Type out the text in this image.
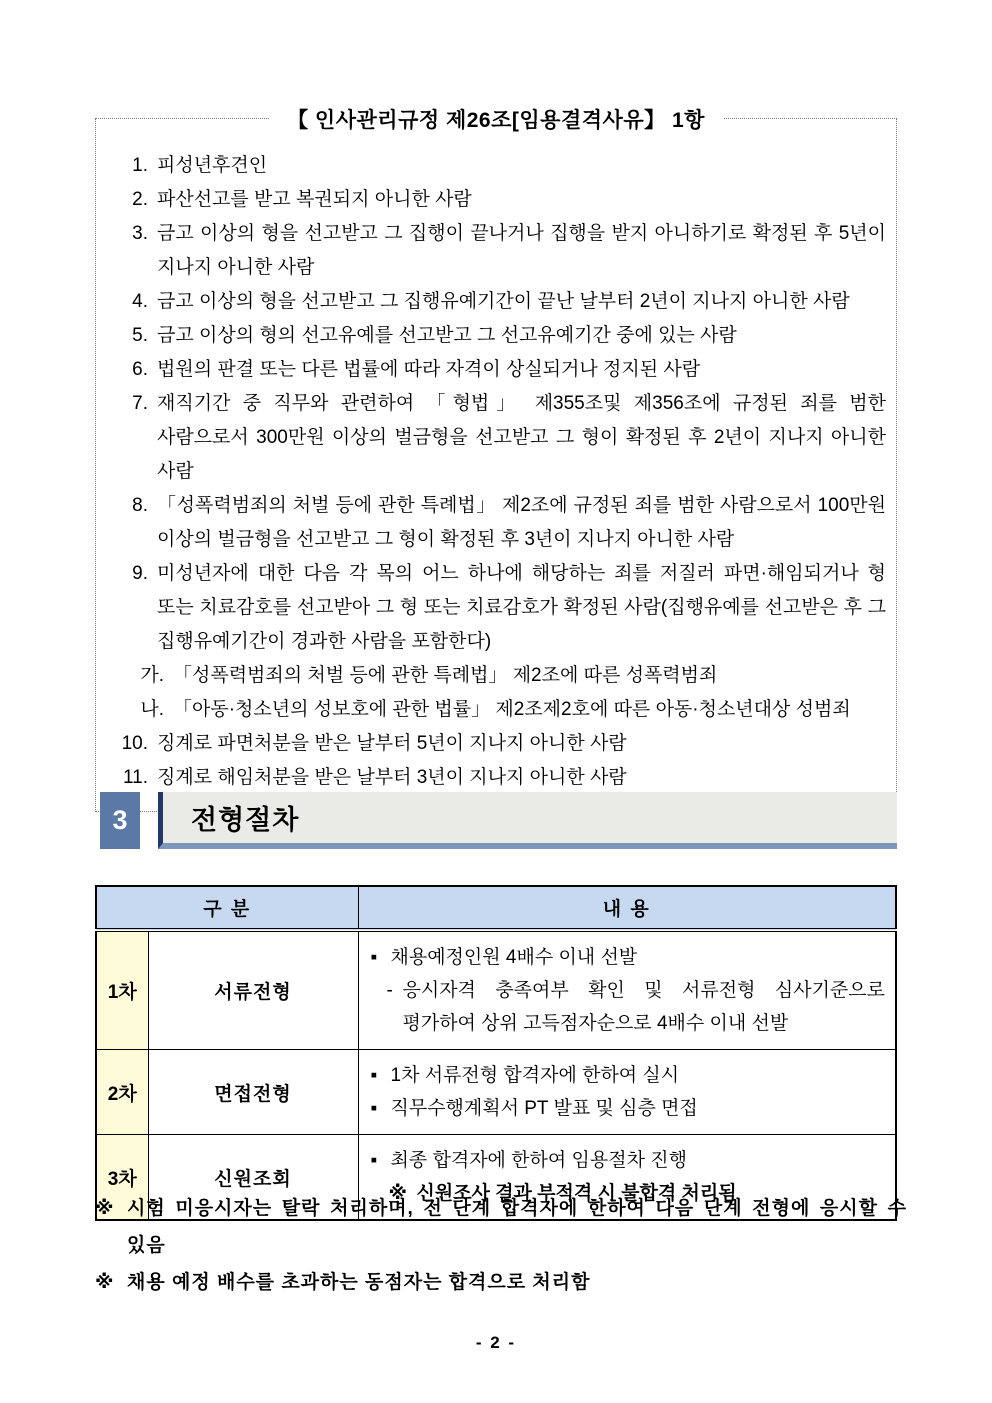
【 인사관리규정 제26조[임용결격사유】 1항
1. 피성년후견인
2. 파산선고를 받고 복권되지 아니한 사람
3. 금고 이상의 형을 선고받고 그 집행이 끝나거나 집행을 받지 아니하기로 확정된 후 5년이 지나지 아니한 사람
4. 금고 이상의 형을 선고받고 그 집행유예기간이 끝난 날부터 2년이 지나지 아니한 사람
5. 금고 이상의 형의 선고유예를 선고받고 그 선고유예기간 중에 있는 사람
6. 법원의 판결 또는 다른 법률에 따라 자격이 상실되거나 정지된 사람
7. 재직기간 중 직무와 관련하여 「형법」 제355조및 제356조에 규정된 죄를 범한 사람으로서 300만원 이상의 벌금형을 선고받고 그 형이 확정된 후 2년이 지나지 아니한 사람
8. 「성폭력범죄의 처벌 등에 관한 특례법」 제2조에 규정된 죄를 범한 사람으로서 100만원 이상의 벌금형을 선고받고 그 형이 확정된 후 3년이 지나지 아니한 사람
9. 미성년자에 대한 다음 각 목의 어느 하나에 해당하는 죄를 저질러 파면·해임되거나 형 또는 치료감호를 선고받아 그 형 또는 치료감호가 확정된 사람(집행유예를 선고받은 후 그 집행유예기간이 경과한 사람을 포함한다)
가. 「성폭력범죄의 처벌 등에 관한 특례법」 제2조에 따른 성폭력범죄
나. 「아동·청소년의 성보호에 관한 법률」 제2조제2호에 따른 아동·청소년대상 성범죄
10. 징계로 파면처분을 받은 날부터 5년이 지나지 아니한 사람
11. 징계로 해임처분을 받은 날부터 3년이 지나지 아니한 사람
3	전형절차
구 분		내 용
1차	서류전형	▪ 채용예정인원 4배수 이내 선발
- 응시자격 충족여부 확인 및 서류전형 심사기준으로 평가하여 상위 고득점자순으로 4배수 이내 선발

2차	면접전형	▪ 1차 서류전형 합격자에 한하여 실시
▪ 직무수행계획서 PT 발표 및 심층 면접

3차	신원조회	▪ 최종 합격자에 한하여 임용절차 진행
※ 신원조사 결과 부적격 시 불합격 처리됨
※ 시험 미응시자는 탈락 처리하며, 전 단계 합격자에 한하여 다음 단계 전형에 응시할 수 있음
※ 채용 예정 배수를 초과하는 동점자는 합격으로 처리함
- 2 -
